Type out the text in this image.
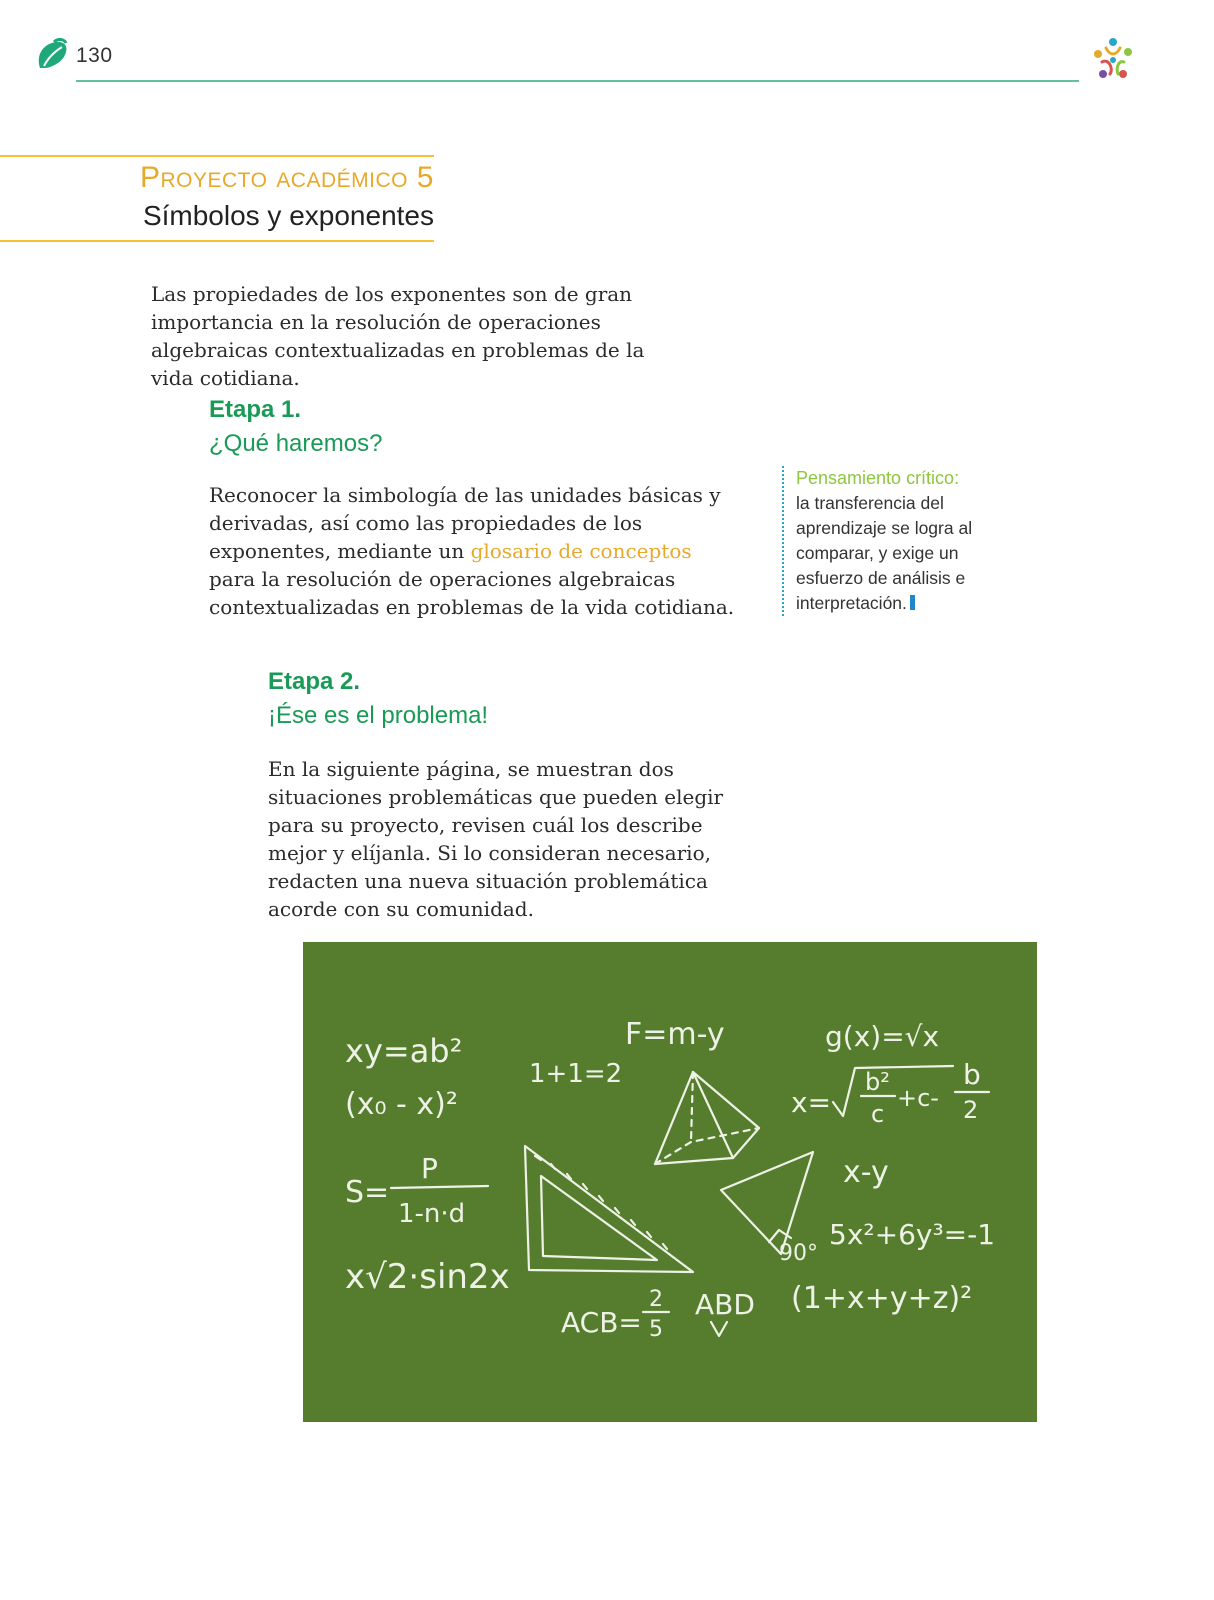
130
Proyecto académico 5
Símbolos y exponentes
Las propiedades de los exponentes son de gran importancia en la resolución de operaciones algebraicas contextualizadas en problemas de la vida cotidiana.
Etapa 1.
¿Qué haremos?
Reconocer la simbología de las unidades básicas y derivadas, así como las propiedades de los exponentes, mediante un glosario de conceptos para la resolución de operaciones algebraicas contextualizadas en problemas de la vida cotidiana.
Pensamiento crítico:
la transferencia del aprendizaje se logra al comparar, y exige un esfuerzo de análisis e interpretación.
Etapa 2.
¡Ése es el problema!
En la siguiente página, se muestran dos situaciones problemáticas que pueden elegir para su proyecto, revisen cuál los describe mejor y elíjanla. Si lo consideran necesario, redacten una nueva situación problemática acorde con su comunidad.
xy=ab²
(x₀ - x)²
S=
P
1-n·d
x√2·sin2x
1+1=2
F=m-y
90°
ACB=
2
5
ABD
g(x)=√x
x=
b²
c
+c-
b
2
x-y
5x²+6y³=-1
(1+x+y+z)²
